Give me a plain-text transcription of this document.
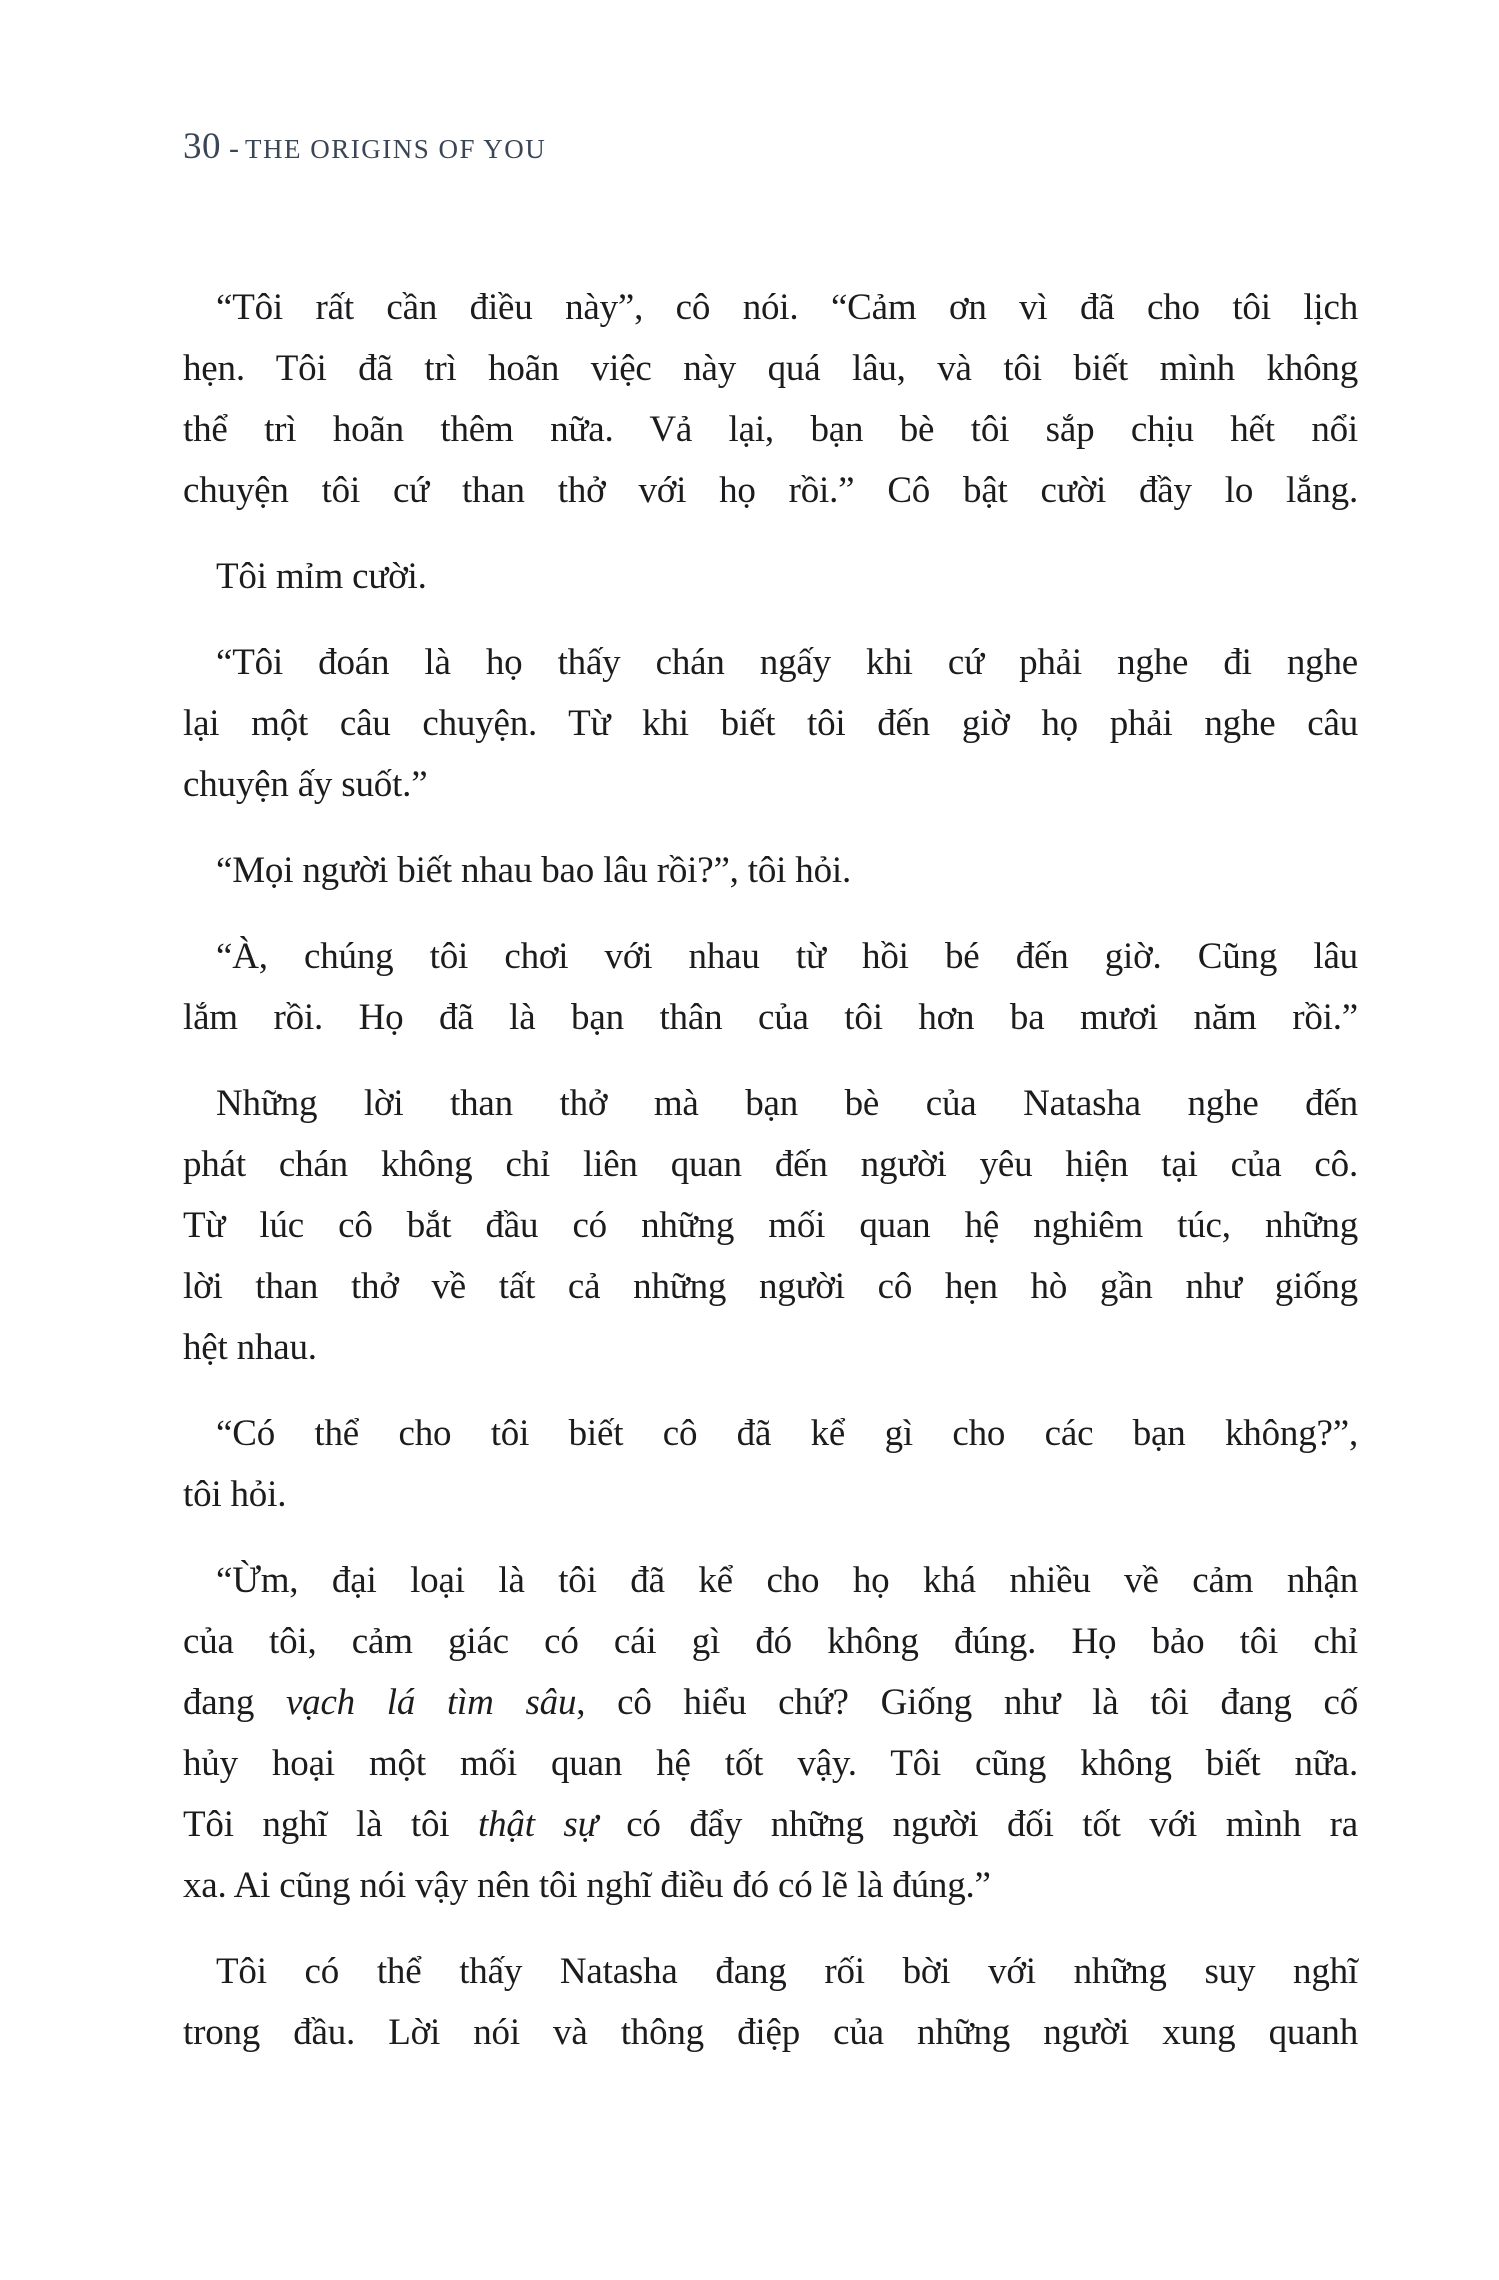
30 - THE ORIGINS OF YOU

“Tôi rất cần điều này”, cô nói. “Cảm ơn vì đã cho tôi lịch
hẹn. Tôi đã trì hoãn việc này quá lâu, và tôi biết mình không
thể trì hoãn thêm nữa. Vả lại, bạn bè tôi sắp chịu hết nổi
chuyện tôi cứ than thở với họ rồi.” Cô bật cười đầy lo lắng.

Tôi mỉm cười.

“Tôi đoán là họ thấy chán ngấy khi cứ phải nghe đi nghe
lại một câu chuyện. Từ khi biết tôi đến giờ họ phải nghe câu
chuyện ấy suốt.”

“Mọi người biết nhau bao lâu rồi?”, tôi hỏi.

“À, chúng tôi chơi với nhau từ hồi bé đến giờ. Cũng lâu
lắm rồi. Họ đã là bạn thân của tôi hơn ba mươi năm rồi.”

Những lời than thở mà bạn bè của Natasha nghe đến
phát chán không chỉ liên quan đến người yêu hiện tại của cô.
Từ lúc cô bắt đầu có những mối quan hệ nghiêm túc, những
lời than thở về tất cả những người cô hẹn hò gần như giống
hệt nhau.

“Có thể cho tôi biết cô đã kể gì cho các bạn không?”,
tôi hỏi.

“Ừm, đại loại là tôi đã kể cho họ khá nhiều về cảm nhận
của tôi, cảm giác có cái gì đó không đúng. Họ bảo tôi chỉ
đang vạch lá tìm sâu, cô hiểu chứ? Giống như là tôi đang cố
hủy hoại một mối quan hệ tốt vậy. Tôi cũng không biết nữa.
Tôi nghĩ là tôi thật sự có đẩy những người đối tốt với mình ra
xa. Ai cũng nói vậy nên tôi nghĩ điều đó có lẽ là đúng.”

Tôi có thể thấy Natasha đang rối bời với những suy nghĩ
trong đầu. Lời nói và thông điệp của những người xung quanh
